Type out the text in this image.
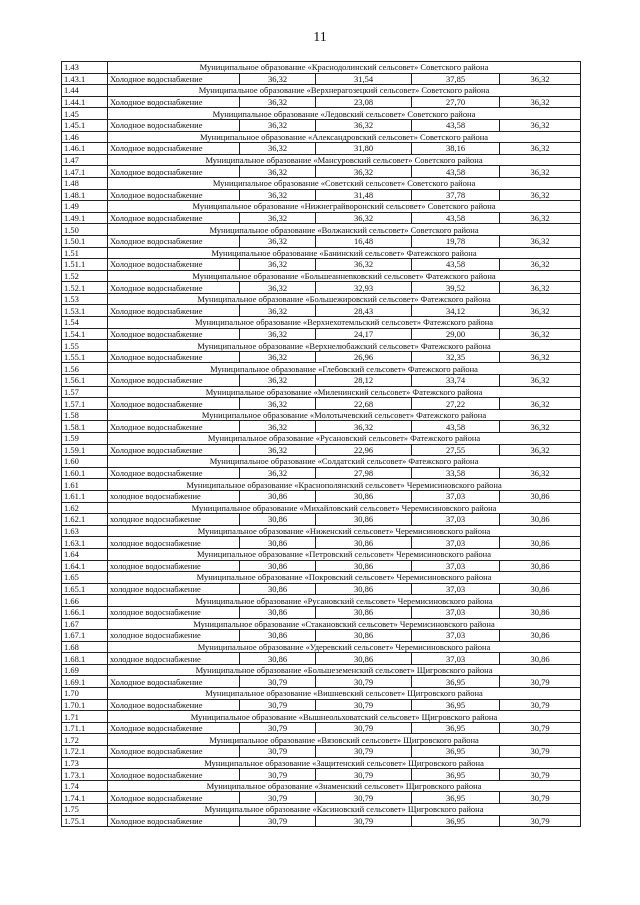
11
1.43	Муниципальное образование «Краснодолинский сельсовет» Советского района				
1.43.1	Холодное водоснабжение	36,32	31,54	37,85	36,32
1.44	Муниципальное образование «Верхнерагозецкий сельсовет» Советского района				
1.44.1	Холодное водоснабжение	36,32	23,08	27,70	36,32
1.45	Муниципальное образование «Ледовский сельсовет» Советского района				
1.45.1	Холодное водоснабжение	36,32	36,32	43,58	36,32
1.46	Муниципальное образование «Александровский сельсовет» Советского района				
1.46.1	Холодное водоснабжение	36,32	31,80	38,16	36,32
1.47	Муниципальное образование «Мансуровский сельсовет» Советского района				
1.47.1	Холодное водоснабжение	36,32	36,32	43,58	36,32
1.48	Муниципальное образование «Советский сельсовет» Советского района				
1.48.1	Холодное водоснабжение	36,32	31,48	37,78	36,32
1.49	Муниципальное образование «Нижнеграйворонский сельсовет» Советского района				
1.49.1	Холодное водоснабжение	36,32	36,32	43,58	36,32
1.50	Муниципальное образование «Волжанский сельсовет» Советского района				
1.50.1	Холодное водоснабжение	36,32	16,48	19,78	36,32
1.51	Муниципальное образование «Банинский сельсовет» Фатежского района				
1.51.1	Холодное водоснабжение	36,32	36,32	43,58	36,32
1.52	Муниципальное образование «Большеаннenковский сельсовет» Фатежского района				
1.52.1	Холодное водоснабжение	36,32	32,93	39,52	36,32
1.53	Муниципальное образование «Большежировский сельсовет» Фатежского района				
1.53.1	Холодное водоснабжение	36,32	28,43	34,12	36,32
1.54	Муниципальное образование «Верхнехотемльский сельсовет» Фатежского района				
1.54.1	Холодное водоснабжение	36,32	24,17	29,00	36,32
1.55	Муниципальное образование «Верхнелюбажский сельсовет» Фатежского района				
1.55.1	Холодное водоснабжение	36,32	26,96	32,35	36,32
1.56	Муниципальное образование «Глебовский сельсовет» Фатежского района				
1.56.1	Холодное водоснабжение	36,32	28,12	33,74	36,32
1.57	Муниципальное образование «Миленинский сельсовет» Фатежского района				
1.57.1	Холодное водоснабжение	36,32	22,68	27,22	36,32
1.58	Муниципальное образование «Молотычевский сельсовет» Фатежского района				
1.58.1	Холодное водоснабжение	36,32	36,32	43,58	36,32
1.59	Муниципальное образование «Русановский сельсовет» Фатежского района				
1.59.1	Холодное водоснабжение	36,32	22,96	27,55	36,32
1.60	Муниципальное образование «Солдатский сельсовет» Фатежского района				
1.60.1	Холодное водоснабжение	36,32	27,98	33,58	36,32
1.61	Муниципальное образование «Краснополянский сельсовет» Черемисиновского района				
1.61.1	холодное водоснабжение	30,86	30,86	37,03	30,86
1.62	Муниципальное образование «Михайловский сельсовет» Черемисиновского района				
1.62.1	холодное водоснабжение	30,86	30,86	37,03	30,86
1.63	Муниципальное образование «Ниженский сельсовет» Черемисиновского района				
1.63.1	холодное водоснабжение	30,86	30,86	37,03	30,86
1.64	Муниципальное образование «Петровский сельсовет» Черемисиновского района				
1.64.1	холодное водоснабжение	30,86	30,86	37,03	30,86
1.65	Муниципальное образование «Покровский сельсовет» Черемисиновского района				
1.65.1	холодное водоснабжение	30,86	30,86	37,03	30,86
1.66	Муниципальное образование «Русановский сельсовет» Черемисиновского района				
1.66.1	холодное водоснабжение	30,86	30,86	37,03	30,86
1.67	Муниципальное образование «Стакановский сельсовет» Черемисиновского района				
1.67.1	холодное водоснабжение	30,86	30,86	37,03	30,86
1.68	Муниципальное образование «Удеревский сельсовет» Черемисиновского района				
1.68.1	холодное водоснабжение	30,86	30,86	37,03	30,86
1.69	Муниципальное образование «Большеземенский сельсовет» Щигровского района				
1.69.1	Холодное водоснабжение	30,79	30,79	36,95	30,79
1.70	Муниципальное образование «Вишневский сельсовет» Щигровского района				
1.70.1	Холодное водоснабжение	30,79	30,79	36,95	30,79
1.71	Муниципальное образование «Вышнеольховатский сельсовет» Щигровского района				
1.71.1	Холодное водоснабжение	30,79	30,79	36,95	30,79
1.72	Муниципальное образование «Вязовский сельсовет» Щигровского района				
1.72.1	Холодное водоснабжение	30,79	30,79	36,95	30,79
1.73	Муниципальное образование «Защитенский сельсовет» Щигровского района				
1.73.1	Холодное водоснабжение	30,79	30,79	36,95	30,79
1.74	Муниципальное образование «Знаменский сельсовет» Щигровского района				
1.74.1	Холодное водоснабжение	30,79	30,79	36,95	30,79
1.75	Муниципальное образование «Касиновский сельсовет» Щигровского района				
1.75.1	Холодное водоснабжение	30,79	30,79	36,95	30,79
